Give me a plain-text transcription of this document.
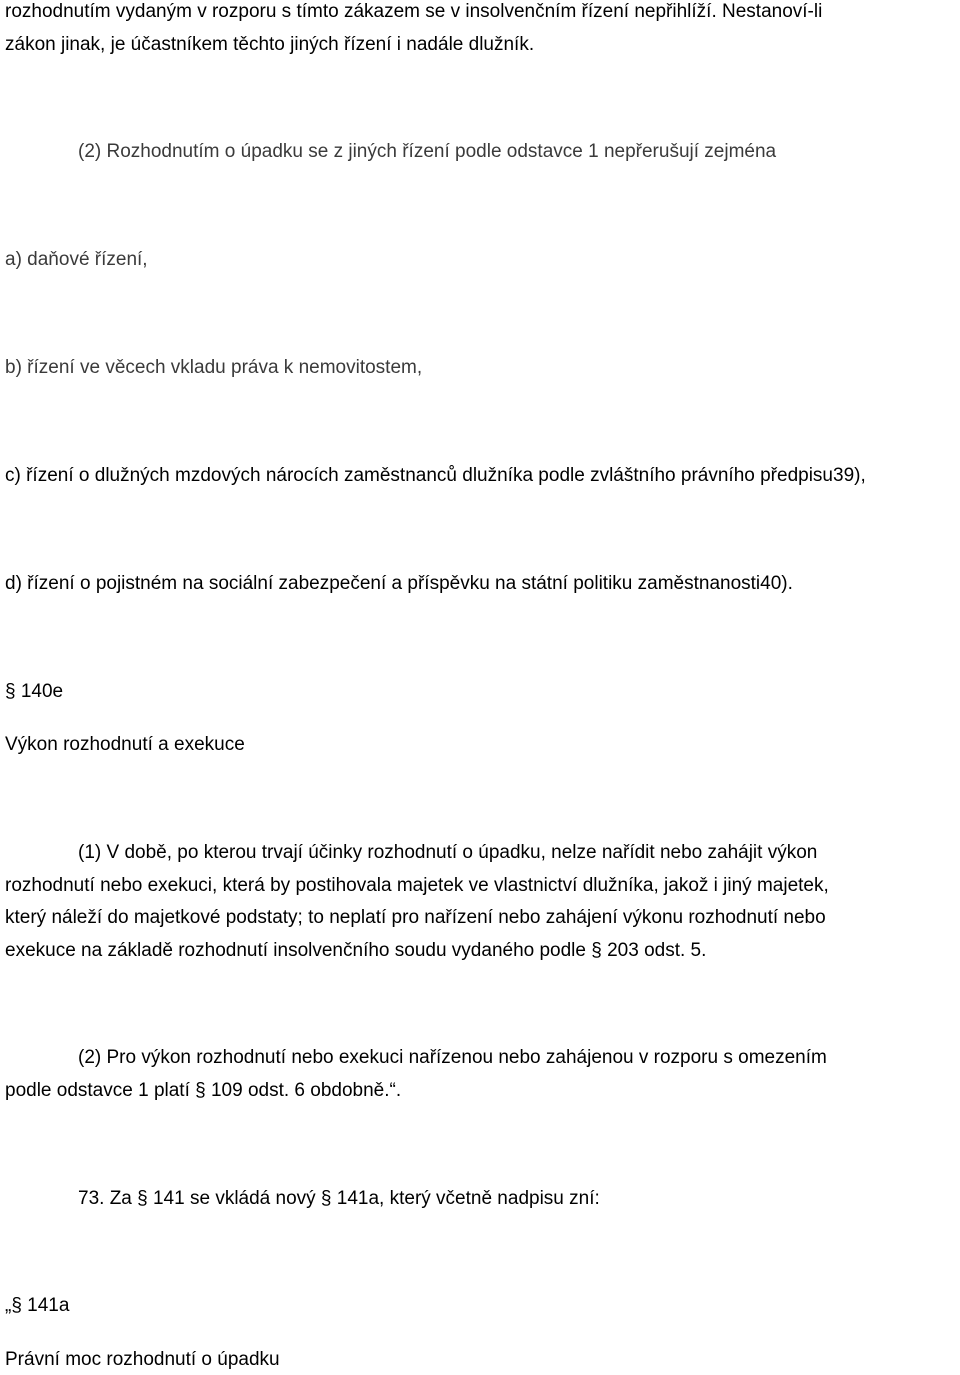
rozhodnutím vydaným v rozporu s tímto zákazem se v insolvenčním řízení nepřihlíží. Nestanoví-li
zákon jinak, je účastníkem těchto jiných řízení i nadále dlužník.
(2) Rozhodnutím o úpadku se z jiných řízení podle odstavce 1 nepřerušují zejména
a) daňové řízení,
b) řízení ve věcech vkladu práva k nemovitostem,
c) řízení o dlužných mzdových nárocích zaměstnanců dlužníka podle zvláštního právního předpisu39),
d) řízení o pojistném na sociální zabezpečení a příspěvku na státní politiku zaměstnanosti40).
§ 140e
Výkon rozhodnutí a exekuce
(1) V době, po kterou trvají účinky rozhodnutí o úpadku, nelze nařídit nebo zahájit výkon
rozhodnutí nebo exekuci, která by postihovala majetek ve vlastnictví dlužníka, jakož i jiný majetek,
který náleží do majetkové podstaty; to neplatí pro nařízení nebo zahájení výkonu rozhodnutí nebo
exekuce na základě rozhodnutí insolvenčního soudu vydaného podle § 203 odst. 5.
(2) Pro výkon rozhodnutí nebo exekuci nařízenou nebo zahájenou v rozporu s omezením
podle odstavce 1 platí § 109 odst. 6 obdobně.“.
73. Za § 141 se vkládá nový § 141a, který včetně nadpisu zní:
„§ 141a
Právní moc rozhodnutí o úpadku
